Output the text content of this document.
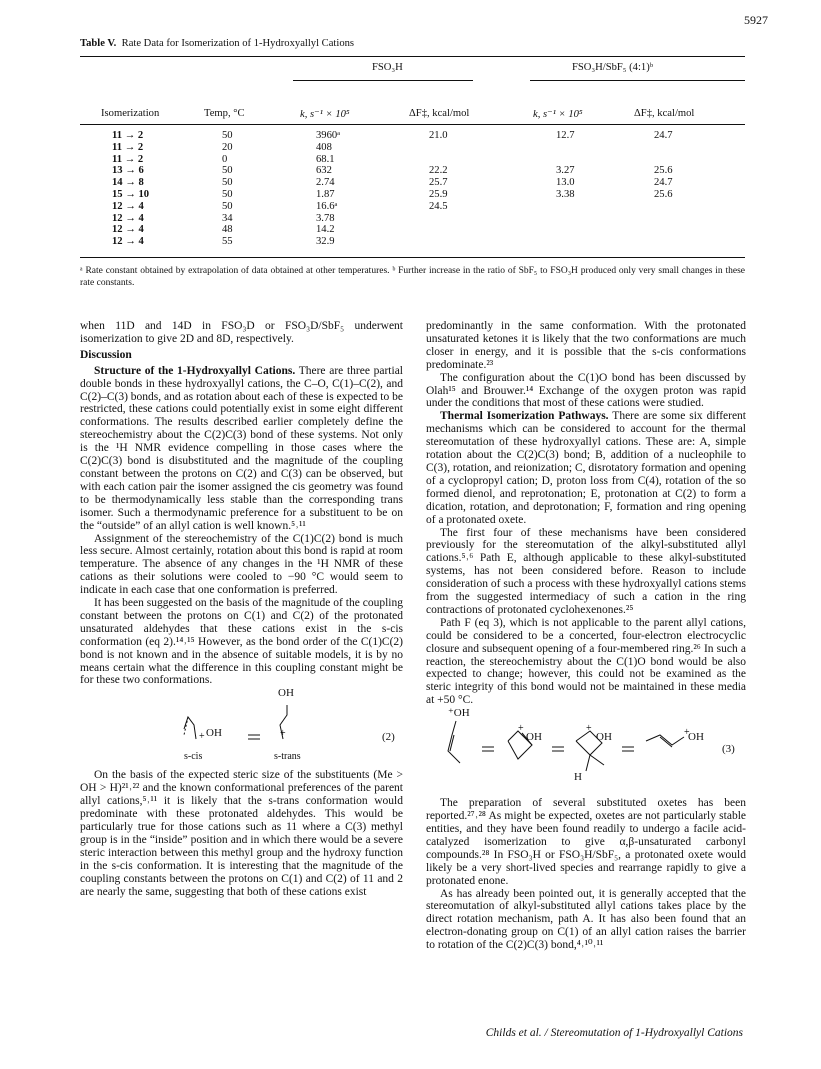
5927
Table V. Rate Data for Isomerization of 1-Hydroxyallyl Cations
FSO₃H	FSO₃H/SbF₅ (4:1)ᵇ
Isomerization	Temp, °C	k, s⁻¹ × 10⁵	ΔF‡, kcal/mol	k, s⁻¹ × 10⁵	ΔF‡, kcal/mol
11 → 2	50	3960ᵃ	21.0	12.7	24.7
11 → 2	20	408
11 → 2	0	68.1
13 → 6	50	632	22.2	3.27	25.6
14 → 8	50	2.74	25.7	13.0	24.7
15 → 10	50	1.87	25.9	3.38	25.6
12 → 4	50	16.6ᵃ	24.5
12 → 4	34	3.78
12 → 4	48	14.2
12 → 4	55	32.9
ᵃ Rate constant obtained by extrapolation of data obtained at other temperatures. ᵇ Further increase in the ratio of SbF₅ to FSO₃H produced only very small changes in these rate constants.

when 11D and 14D in FSO₃D or FSO₃D/SbF₅ underwent isomerization to give 2D and 8D, respectively.

Discussion

Structure of the 1-Hydroxyallyl Cations. There are three partial double bonds in these hydroxyallyl cations, the C–O, C(1)–C(2), and C(2)–C(3) bonds, and as rotation about each of these is expected to be restricted, these cations could potentially exist in some eight different conformations. The results described earlier completely define the stereochemistry about the C(2)C(3) bond of these systems. Not only is the ¹H NMR evidence compelling in those cases where the C(2)C(3) bond is disubstituted and the magnitude of the coupling constant between the protons on C(2) and C(3) can be observed, but with each cation pair the isomer assigned the cis geometry was found to be thermodynamically less stable than the corresponding trans isomer. Such a thermodynamic preference for a substituent to be on the “outside” of an allyl cation is well known.⁵˒¹¹

Assignment of the stereochemistry of the C(1)C(2) bond is much less secure. Almost certainly, rotation about this bond is rapid at room temperature. The absence of any changes in the ¹H NMR of these cations as their solutions were cooled to −90 °C would seem to indicate in each case that one conformation is preferred.

It has been suggested on the basis of the magnitude of the coupling constant between the protons on C(1) and C(2) of the protonated unsaturated aldehydes that these cations exist in the s-cis conformation (eq 2).¹⁴˒¹⁵ However, as the bond order of the C(1)C(2) bond is not known and in the absence of suitable models, it is by no means certain what the difference in this coupling constant might be for these two conformations.

+	+
OH
OH
(2)
s-cis	s-trans

On the basis of the expected steric size of the substituents (Me > OH > H)²¹˒²² and the known conformational preferences of the parent allyl cations,⁵˒¹¹ it is likely that the s-trans conformation would predominate with these protonated aldehydes. This would be particularly true for those cations such as 11 where a C(3) methyl group is in the “inside” position and in which there would be a severe steric interaction between this methyl group and the hydroxy function in the s-cis conformation. It is interesting that the magnitude of the coupling constants between the protons on C(1) and C(2) of 11 and 2 are nearly the same, suggesting that both of these cations exist

predominantly in the same conformation. With the protonated unsaturated ketones it is likely that the two conformations are much closer in energy, and it is possible that the s-cis conformations predominate.²³

The configuration about the C(1)O bond has been discussed by Olah¹⁵ and Brouwer.¹⁴ Exchange of the oxygen proton was rapid under the conditions that most of these cations were studied.

Thermal Isomerization Pathways. There are some six different mechanisms which can be considered to account for the thermal stereomutation of these hydroxyallyl cations. These are: A, simple rotation about the C(2)C(3) bond; B, addition of a nucleophile to C(3), rotation, and reionization; C, disrotatory formation and opening of a cyclopropyl cation; D, proton loss from C(4), rotation of the so formed dienol, and reprotonation; E, protonation at C(2) to form a dication, rotation, and deprotonation; F, formation and ring opening of a protonated oxete.

The first four of these mechanisms have been considered previously for the stereomutation of the alkyl-substituted allyl cations.⁵˒⁶ Path E, although applicable to these alkyl-substituted systems, has not been considered before. Reason to include consideration of such a process with these hydroxyallyl cations stems from the suggested intermediacy of such a cation in the ring contractions of protonated cyclohexenones.²⁵

Path F (eq 3), which is not applicable to the parent allyl cations, could be considered to be a concerted, four-electron electrocyclic closure and subsequent opening of a four-membered ring.²⁶ In such a reaction, the stereochemistry about the C(1)O bond would be also expected to change; however, this could not be examined as the steric integrity of this bond would not be maintained in these media at +50 °C.

+	+	+
⁺OH
OH	OH	OH
H
(3)

The preparation of several substituted oxetes has been reported.²⁷˒²⁸ As might be expected, oxetes are not particularly stable entities, and they have been found readily to undergo a facile acid-catalyzed isomerization to give α,β-unsaturated carbonyl compounds.²⁸ In FSO₃H or FSO₃H/SbF₅, a protonated oxete would likely be a very short-lived species and rearrange rapidly to give a protonated enone.

As has already been pointed out, it is generally accepted that the stereomutation of alkyl-substituted allyl cations takes place by the direct rotation mechanism, path A. It has also been found that an electron-donating group on C(1) of an allyl cation raises the barrier to rotation of the C(2)C(3) bond,⁴˒¹⁰˒¹¹

Childs et al. / Stereomutation of 1-Hydroxyallyl Cations
